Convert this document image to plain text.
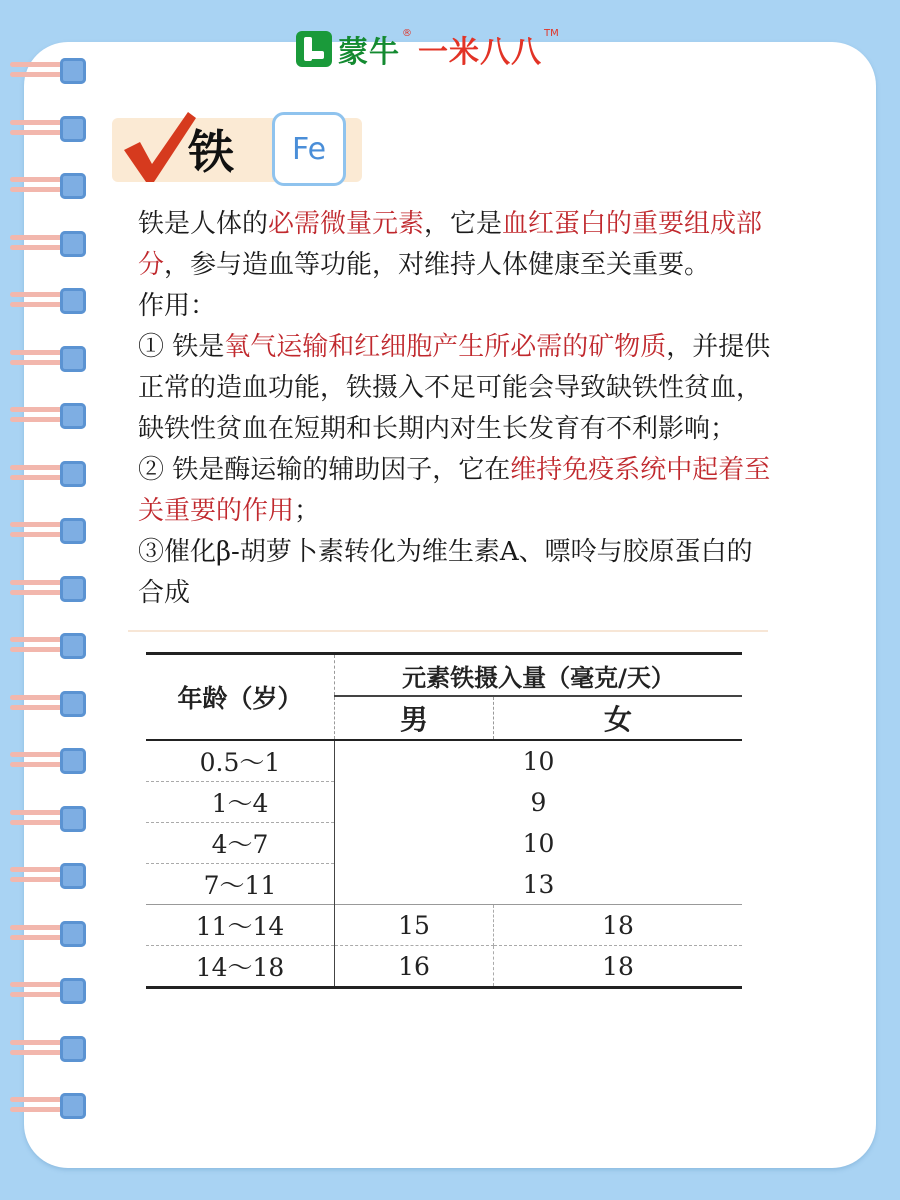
蒙牛
®
一米八八
TM
铁 Fe

铁是人体的必需微量元素，它是血红蛋白的重要组成部分，参与造血等功能，对维持人体健康至关重要。

作用：

① 铁是氧气运输和红细胞产生所必需的矿物质，并提供正常的造血功能，铁摄入不足可能会导致缺铁性贫血，缺铁性贫血在短期和长期内对生长发育有不利影响；

② 铁是酶运输的辅助因子，它在维持免疫系统中起着至关重要的作用；

③催化β-胡萝卜素转化为维生素A、嘌呤与胶原蛋白的合成

年龄（岁）	元素铁摄入量（毫克/天）	
	男	女
0.5～1	10	
1～4	9	
4～7	10	
7～11	13	
11～14	15	18
14～18	16	18
